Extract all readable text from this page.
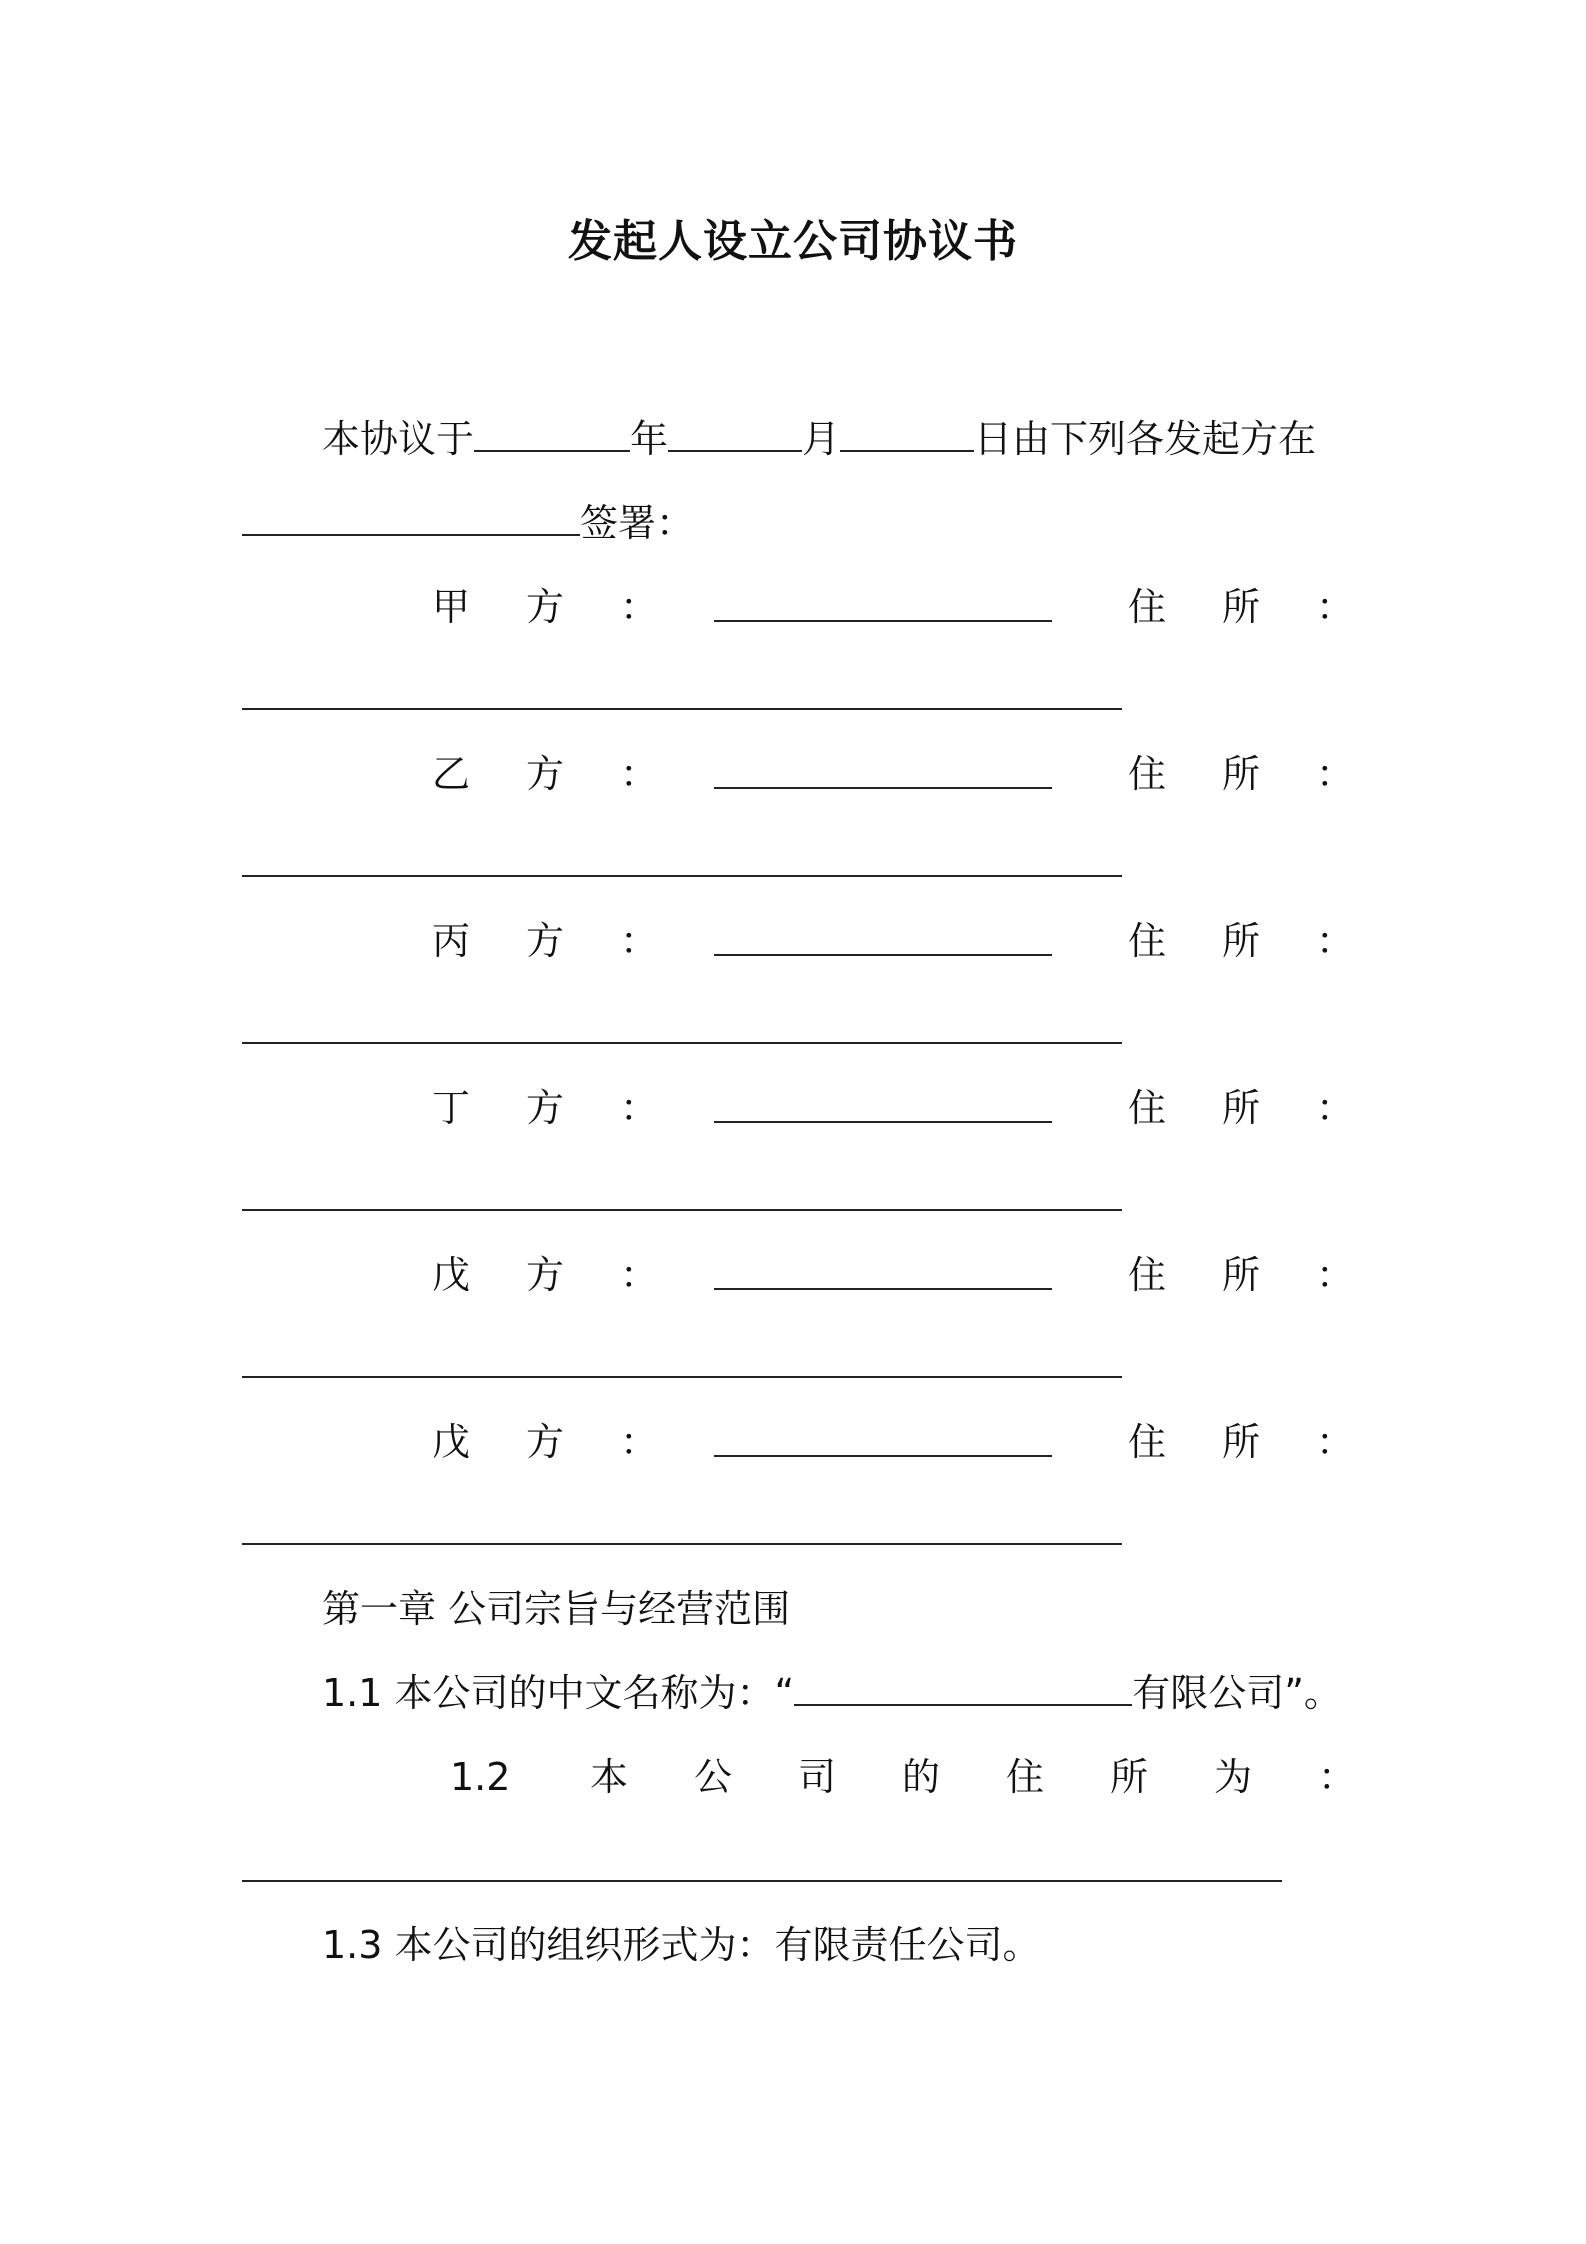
发起人设立公司协议书
本协议于	年	月	日由下列各发起方在
签署：
甲 方 ：	住 所 ：
乙 方 ：	住 所 ：
丙 方 ：	住 所 ：
丁 方 ：	住 所 ：
戊 方 ：	住 所 ：
戊 方 ：	住 所 ：
第一章 公司宗旨与经营范围
1.1 本公司的中文名称为：“	有限公司”。
1.2 本 公 司 的 住 所 为 ：
1.3 本公司的组织形式为：有限责任公司。
